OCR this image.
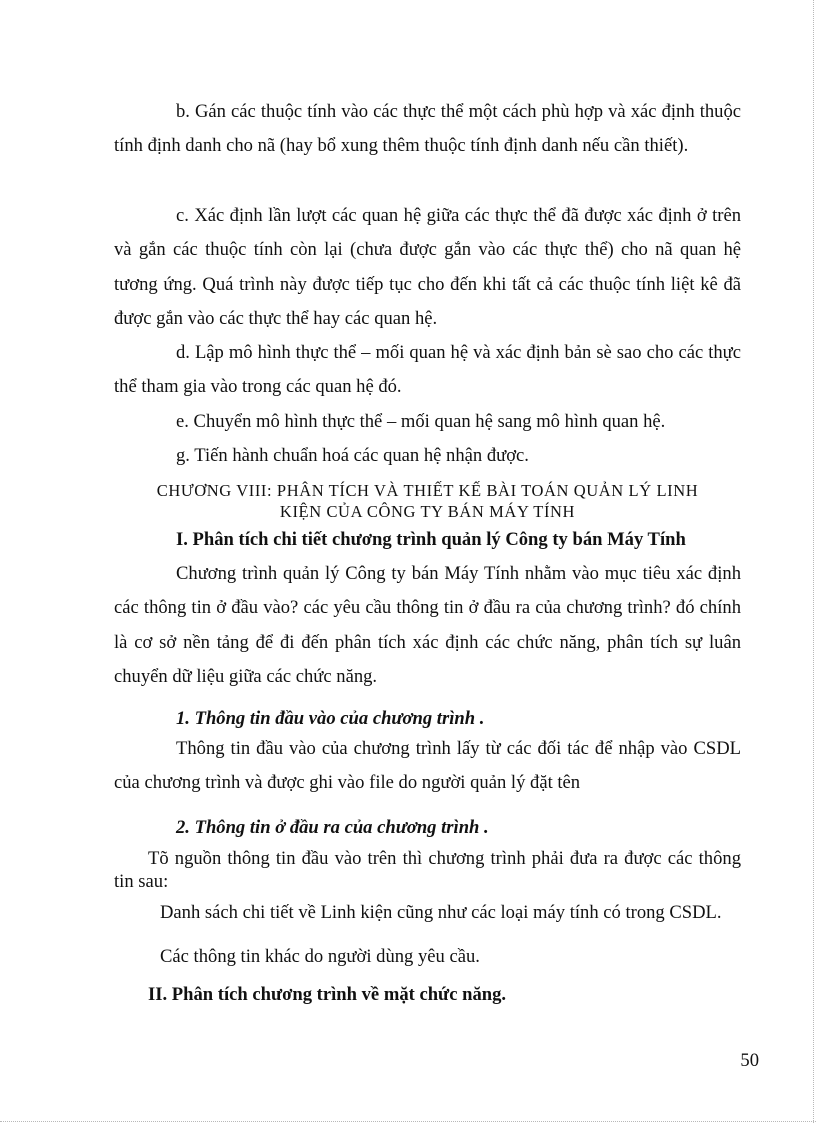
b. Gán các thuộc tính vào các thực thể một cách phù hợp và xác định thuộc tính định danh cho nã (hay bổ xung thêm thuộc tính định danh nếu cần thiết).

c. Xác định lần lượt các quan hệ giữa các thực thể đã được xác định ở trên và gắn các thuộc tính còn lại (chưa được gắn vào các thực thể) cho nã quan hệ tương ứng. Quá trình này được tiếp tục cho đến khi tất cả các thuộc tính liệt kê đã được gắn vào các thực thể hay các quan hệ.

d. Lập mô hình thực thể – mối quan hệ và xác định bản sè sao cho các thực thể tham gia vào trong các quan hệ đó.

e. Chuyển mô hình thực thể – mối quan hệ sang mô hình quan hệ.

g. Tiến hành chuẩn hoá các quan hệ nhận được.

CHƯƠNG VIII: PHÂN TÍCH VÀ THIẾT KẾ BÀI TOÁN QUẢN LÝ LINH
KIỆN CỦA CÔNG TY BÁN MÁY TÍNH

I. Phân tích chi tiết chương trình quản lý Công ty bán Máy Tính

Chương trình quản lý Công ty bán Máy Tính nhằm vào mục tiêu xác định các thông tin ở đầu vào? các yêu cầu thông tin ở đầu ra của chương trình? đó chính là cơ sở nền tảng để đi đến phân tích xác định các chức năng, phân tích sự luân chuyển dữ liệu giữa các chức năng.

1. Thông tin đầu vào của chương trình .

Thông tin đầu vào của chương trình lấy từ các đối tác để nhập vào CSDL của chương trình và được ghi vào file do người quản lý đặt tên

2. Thông tin ở đầu ra của chương trình .

Tõ nguồn thông tin đầu vào trên thì chương trình phải đưa ra được các thông tin sau:

Danh sách chi tiết về Linh kiện cũng như các loại máy tính có trong CSDL.

Các thông tin khác do người dùng yêu cầu.

II. Phân tích chương trình về mặt chức năng.

50
